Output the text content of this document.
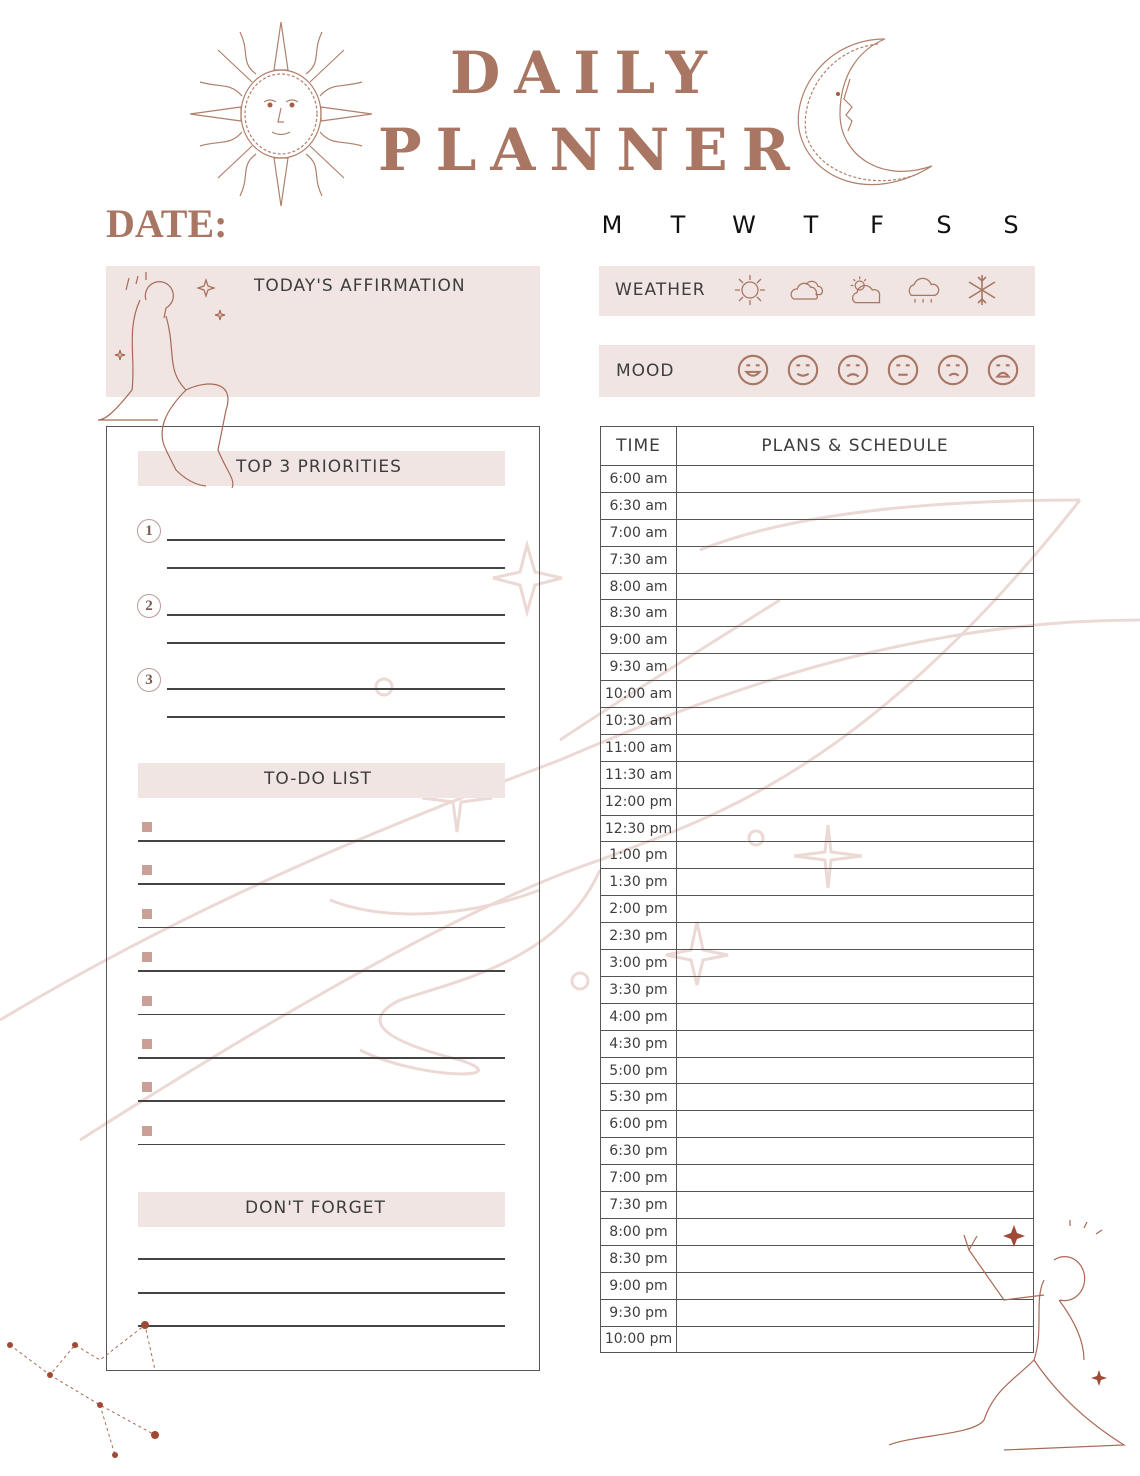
DAILY
PLANNER
DATE:	M	T	W	T	F	S	S
TODAY'S AFFIRMATION	WEATHER
MOOD
TOP 3 PRIORITIES
1
2
3
TO-DO LIST
DON'T FORGET
TIME	PLANS & SCHEDULE
6:00 am	
6:30 am	
7:00 am	
7:30 am	
8:00 am	
8:30 am	
9:00 am	
9:30 am	
10:00 am	
10:30 am	
11:00 am	
11:30 am	
12:00 pm	
12:30 pm	
1:00 pm	
1:30 pm	
2:00 pm	
2:30 pm	
3:00 pm	
3:30 pm	
4:00 pm	
4:30 pm	
5:00 pm	
5:30 pm	
6:00 pm	
6:30 pm	
7:00 pm	
7:30 pm	
8:00 pm	
8:30 pm	
9:00 pm	
9:30 pm	
10:00 pm	
